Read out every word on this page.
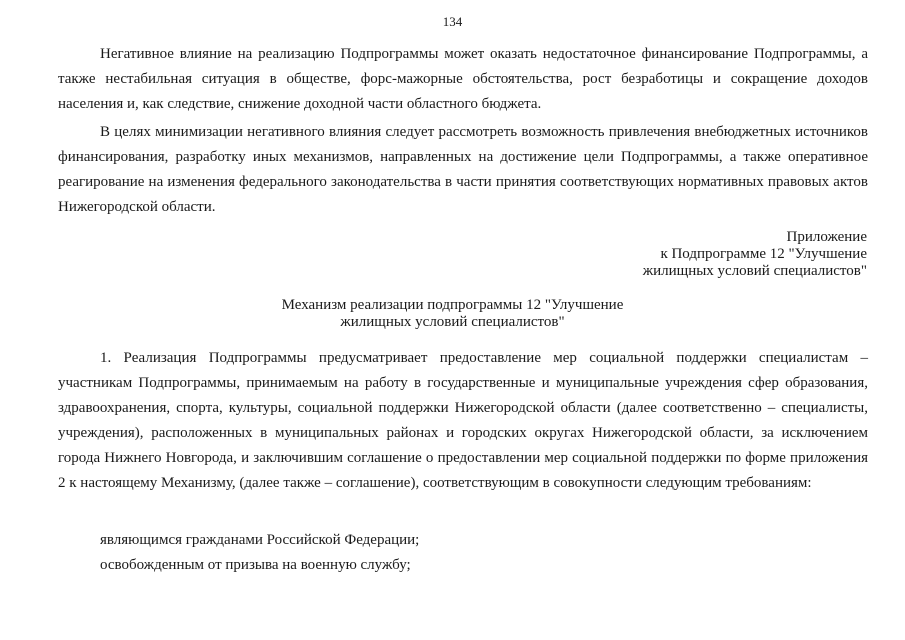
134

Негативное влияние на реализацию Подпрограммы может оказать недостаточное финансирование Подпрограммы, а также нестабильная ситуация в обществе, форс-мажорные обстоятельства, рост безработицы и сокращение доходов населения и, как следствие, снижение доходной части областного бюджета.

В целях минимизации негативного влияния следует рассмотреть возможность привлечения внебюджетных источников финансирования, разработку иных механизмов, направленных на достижение цели Подпрограммы, а также оперативное реагирование на изменения федерального законодательства в части принятия соответствующих нормативных правовых актов Нижегородской области.

Приложение
к Подпрограмме 12 "Улучшение
жилищных условий специалистов"
Механизм реализации подпрограммы 12 "Улучшение
жилищных условий специалистов"

1. Реализация Подпрограммы предусматривает предоставление мер социальной поддержки специалистам – участникам Подпрограммы, принимаемым на работу в государственные и муниципальные учреждения сфер образования, здравоохранения, спорта, культуры, социальной поддержки Нижегородской области (далее соответственно – специалисты, учреждения), расположенных в муниципальных районах и городских округах Нижегородской области, за исключением города Нижнего Новгорода, и заключившим соглашение о предоставлении мер социальной поддержки по форме приложения 2 к настоящему Механизму, (далее также – соглашение), соответствующим в совокупности следующим требованиям:

являющимся гражданами Российской Федерации;

освобожденным от призыва на военную службу;
